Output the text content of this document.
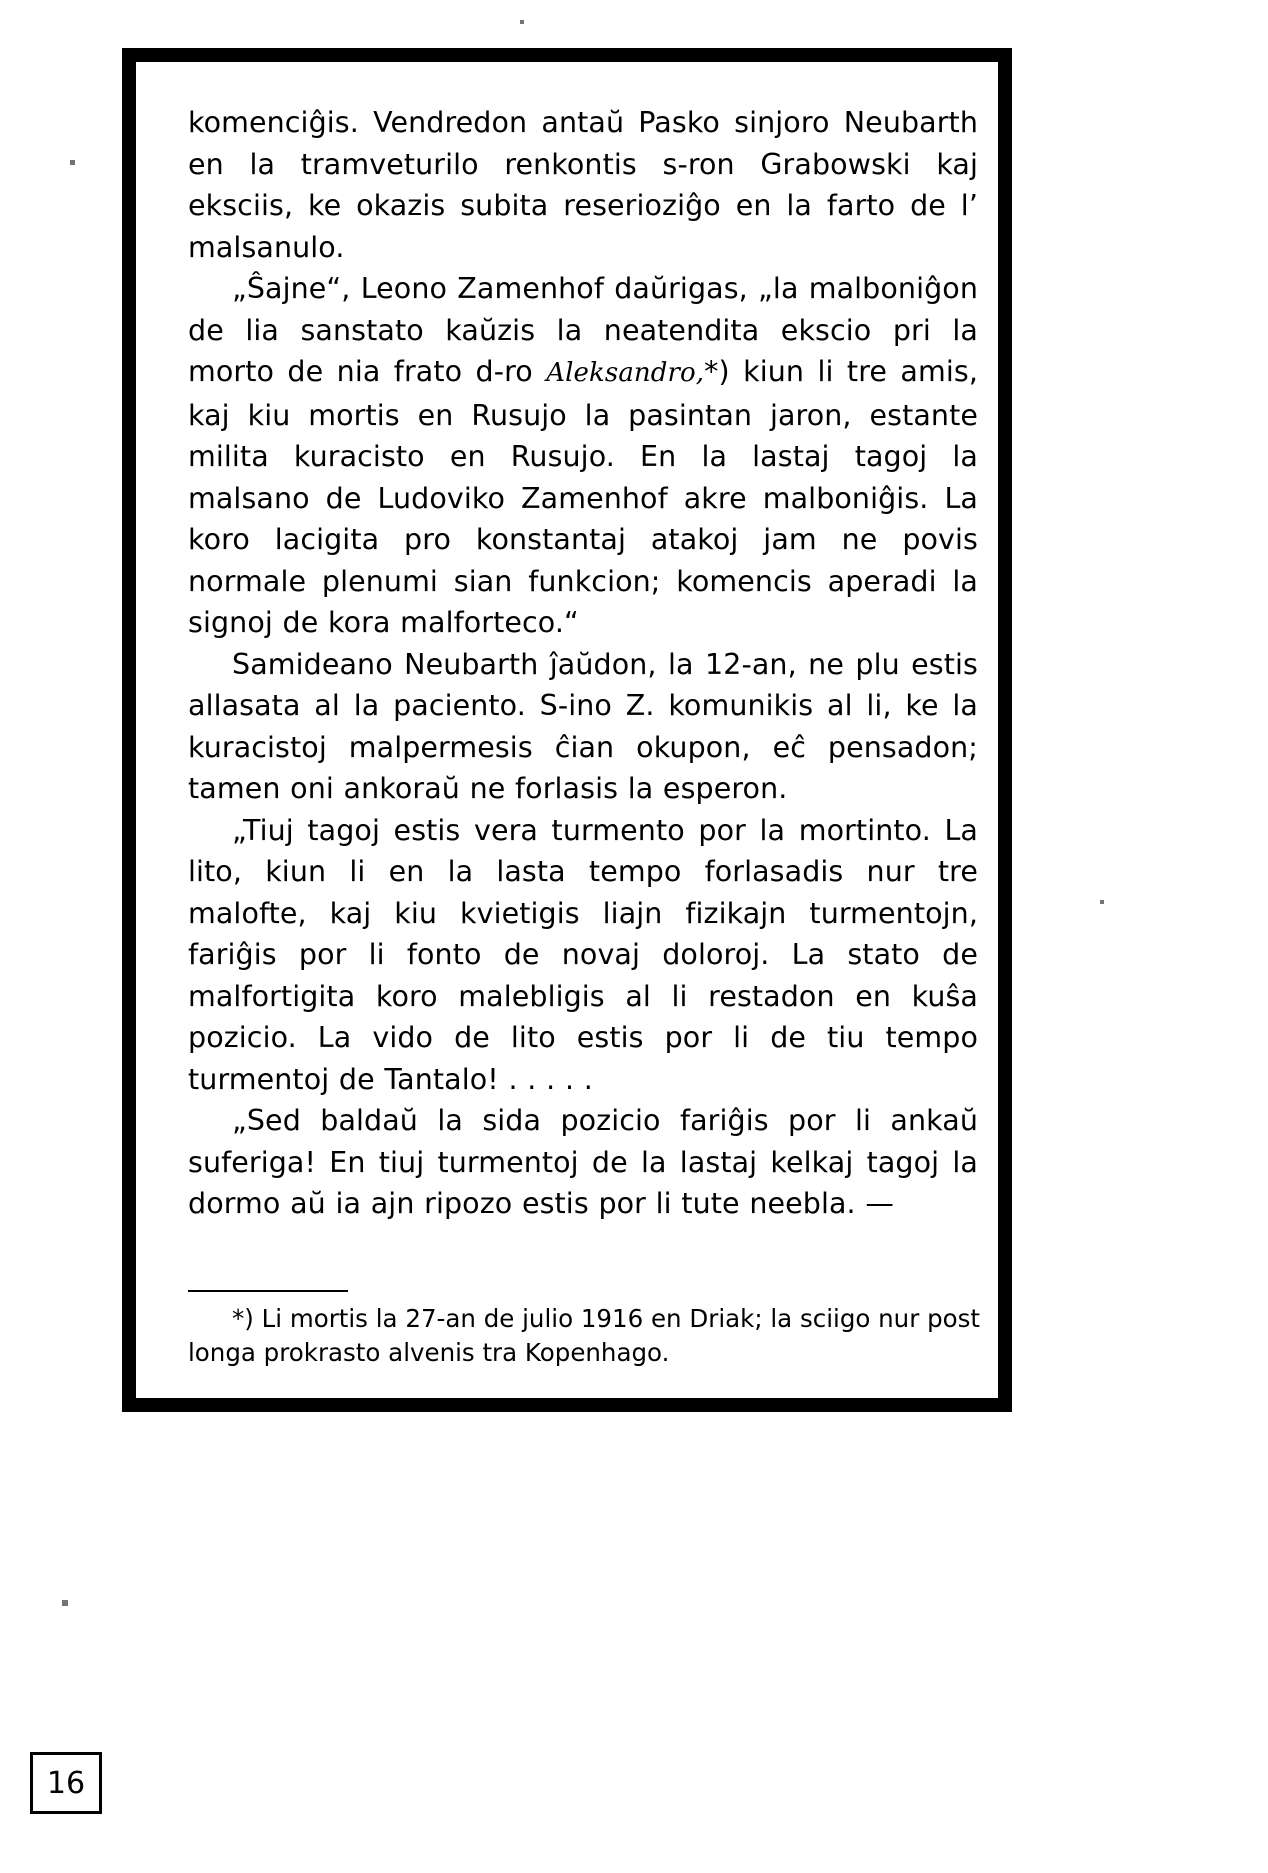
komenciĝis. Vendredon antaŭ Pasko sinjoro Neubarth en la tramveturilo renkontis s-ron Grabowski kaj eksciis, ke okazis subita reserioziĝo en la farto de l’ malsanulo.

„Ŝajne“, Leono Zamenhof daŭrigas, „la malboniĝon de lia sanstato kaŭzis la neatendita ekscio pri la morto de nia frato d-ro Aleksandro,*) kiun li tre amis, kaj kiu mortis en Rusujo la pasintan jaron, estante milita kuracisto en Rusujo. En la lastaj tagoj la malsano de Ludoviko Zamenhof akre malboniĝis. La koro lacigita pro konstantaj atakoj jam ne povis normale plenumi sian funkcion; komencis aperadi la signoj de kora malforteco.“

Samideano Neubarth ĵaŭdon, la 12-an, ne plu estis allasata al la paciento. S-ino Z. komunikis al li, ke la kuracistoj malpermesis ĉian okupon, eĉ pensadon; tamen oni ankoraŭ ne forlasis la esperon.

„Tiuj tagoj estis vera turmento por la mortinto. La lito, kiun li en la lasta tempo forlasadis nur tre malofte, kaj kiu kvietigis liajn fizikajn turmentojn, fariĝis por li fonto de novaj doloroj. La stato de malfortigita koro malebligis al li restadon en kuŝa pozicio. La vido de lito estis por li de tiu tempo turmentoj de Tantalo! . . . . .

„Sed baldaŭ la sida pozicio fariĝis por li ankaŭ suferiga! En tiuj turmentoj de la lastaj kelkaj tagoj la dormo aŭ ia ajn ripozo estis por li tute neebla. —

*) Li mortis la 27-an de julio 1916 en Driak; la sciigo nur post longa prokrasto alvenis tra Kopenhago.
16
